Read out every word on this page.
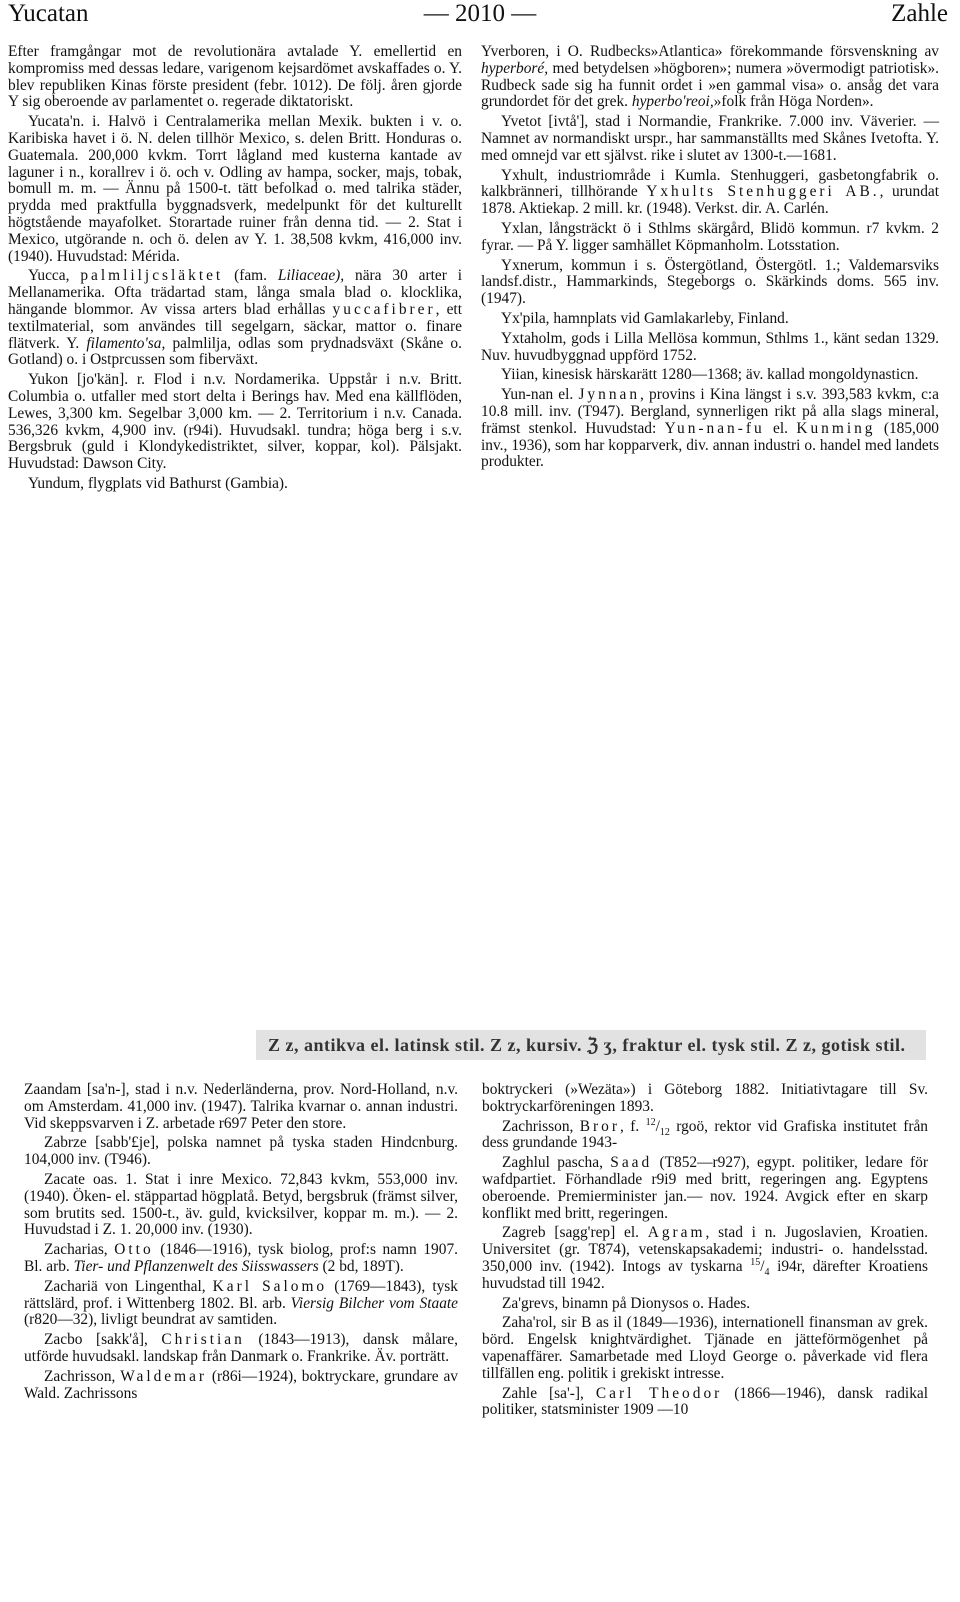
Yucatan	— 2010 —	Zahle

Efter framgångar mot de revolutionära avtalade Y. emellertid en kompromiss med dessas ledare, varigenom kejsardömet avskaffades o. Y. blev republiken Kinas förste president (febr. 1012). De följ. åren gjorde Y sig oberoende av parlamentet o. regerade diktatoriskt.

Yucata'n. i. Halvö i Centralamerika mellan Mexik. bukten i v. o. Karibiska havet i ö. N. delen tillhör Mexico, s. delen Britt. Honduras o. Guatemala. 200,000 kvkm. Torrt lågland med kusterna kantade av laguner i n., korallrev i ö. och v. Odling av hampa, socker, majs, tobak, bomull m. m. — Ännu på 1500-t. tätt befolkad o. med talrika städer, prydda med praktfulla byggnadsverk, medelpunkt för det kulturellt högtstående mayafolket. Storartade ruiner från denna tid. — 2. Stat i Mexico, utgörande n. och ö. delen av Y. 1. 38,508 kvkm, 416,000 inv. (1940). Huvudstad: Mérida.

Yucca, palmliljcsläktet (fam. Liliaceae), nära 30 arter i Mellanamerika. Ofta trädartad stam, långa smala blad o. klocklika, hängande blommor. Av vissa arters blad erhållas yuccafibrer, ett textilmaterial, som användes till segelgarn, säckar, mattor o. finare flätverk. Y. filamento'sa, palmlilja, odlas som prydnadsväxt (Skåne o. Gotland) o. i Ostprcussen som fiberväxt.

Yukon [jo'kän]. r. Flod i n.v. Nordamerika. Uppstår i n.v. Britt. Columbia o. utfaller med stort delta i Berings hav. Med ena källflöden, Lewes, 3,300 km. Segelbar 3,000 km. — 2. Territorium i n.v. Canada. 536,326 kvkm, 4,900 inv. (r94i). Huvudsakl. tundra; höga berg i s.v. Bergsbruk (guld i Klondykedistriktet, silver, koppar, kol). Pälsjakt. Huvudstad: Dawson City.

Yundum, flygplats vid Bathurst (Gambia).

Yverboren, i O. Rudbecks»Atlantica» förekommande försvenskning av hyperboré, med betydelsen »högboren»; numera »övermodigt patriotisk». Rudbeck sade sig ha funnit ordet i »en gammal visa» o. ansåg det vara grundordet för det grek. hyperbo'reoi,»folk från Höga Norden».

Yvetot [ivtå'], stad i Normandie, Frankrike. 7.000 inv. Väverier. — Namnet av normandiskt urspr., har sammanställts med Skånes Ivetofta. Y. med omnejd var ett självst. rike i slutet av 1300-t.—1681.

Yxhult, industriområde i Kumla. Stenhuggeri, gasbetongfabrik o. kalkbränneri, tillhörande Yxhults Stenhuggeri AB., urundat 1878. Aktiekap. 2 mill. kr. (1948). Verkst. dir. A. Carlén.

Yxlan, långsträckt ö i Sthlms skärgård, Blidö kommun. r7 kvkm. 2 fyrar. — På Y. ligger samhället Köpmanholm. Lotsstation.

Yxnerum, kommun i s. Östergötland, Östergötl. 1.; Valdemarsviks landsf.distr., Hammarkinds, Stegeborgs o. Skärkinds doms. 565 inv. (1947).

Yx'pila, hamnplats vid Gamlakarleby, Finland.

Yxtaholm, gods i Lilla Mellösa kommun, Sthlms 1., känt sedan 1329. Nuv. huvudbyggnad uppförd 1752.

Yiian, kinesisk härskarätt 1280—1368; äv. kallad mongoldynasticn.

Yun-nan el. Jynnan, provins i Kina längst i s.v. 393,583 kvkm, c:a 10.8 mill. inv. (T947). Bergland, synnerligen rikt på alla slags mineral, främst stenkol. Huvudstad: Yun-nan-fu el. Kunming (185,000 inv., 1936), som har kopparverk, div. annan industri o. handel med landets produkter.

Z z, antikva el. latinsk stil. Z z, kursiv. ℨ ʒ, fraktur el. tysk stil. Z z, gotisk stil.

Zaandam [sa'n-], stad i n.v. Nederländerna, prov. Nord-Holland, n.v. om Amsterdam. 41,000 inv. (1947). Talrika kvarnar o. annan industri. Vid skeppsvarven i Z. arbetade r697 Peter den store.

Zabrze [sabb'£je], polska namnet på tyska staden Hindcnburg. 104,000 inv. (T946).

Zacate oas. 1. Stat i inre Mexico. 72,843 kvkm, 553,000 inv. (1940). Öken- el. stäppartad högplatå. Betyd, bergsbruk (främst silver, som brutits sed. 1500-t., äv. guld, kvicksilver, koppar m. m.). — 2. Huvudstad i Z. 1. 20,000 inv. (1930).

Zacharias, Otto (1846—1916), tysk biolog, prof:s namn 1907. Bl. arb. Tier- und Pflanzenwelt des Siisswassers (2 bd, 189T).

Zachariä von Lingenthal, Karl Salomo (1769—1843), tysk rättslärd, prof. i Wittenberg 1802. Bl. arb. Viersig Bilcher vom Staate (r820—32), livligt beundrat av samtiden.

Zacbo [sakk'å], Christian (1843—1913), dansk målare, utförde huvudsakl. landskap från Danmark o. Frankrike. Äv. porträtt.

Zachrisson, Waldemar (r86i—1924), boktryckare, grundare av Wald. Zachrissons

boktryckeri (»Wezäta») i Göteborg 1882. Initiativtagare till Sv. boktryckarföreningen 1893.

Zachrisson, Bror, f. $^{12}/_{12}$ rgoö, rektor vid Grafiska institutet från dess grundande 1943-

Zaghlul pascha, Saad (T852—r927), egypt. politiker, ledare för wafdpartiet. Förhandlade r9i9 med britt, regeringen ang. Egyptens oberoende. Premierminister jan.— nov. 1924. Avgick efter en skarp konflikt med britt, regeringen.

Zagreb [sagg'rep] el. Agram, stad i n. Jugoslavien, Kroatien. Universitet (gr. T874), vetenskapsakademi; industri- o. handelsstad. 350,000 inv. (1942). Intogs av tyskarna $^{15}/_4$ i94r, därefter Kroatiens huvudstad till 1942.

Za'grevs, binamn på Dionysos o. Hades.

Zaha'rol, sir B as il (1849—1936), internationell finansman av grek. börd. Engelsk knightvärdighet. Tjänade en jätteförmögenhet på vapenaffärer. Samarbetade med Lloyd George o. påverkade vid flera tillfällen eng. politik i grekiskt intresse.

Zahle [sa'-], Carl Theodor (1866—1946), dansk radikal politiker, statsminister 1909 —10
